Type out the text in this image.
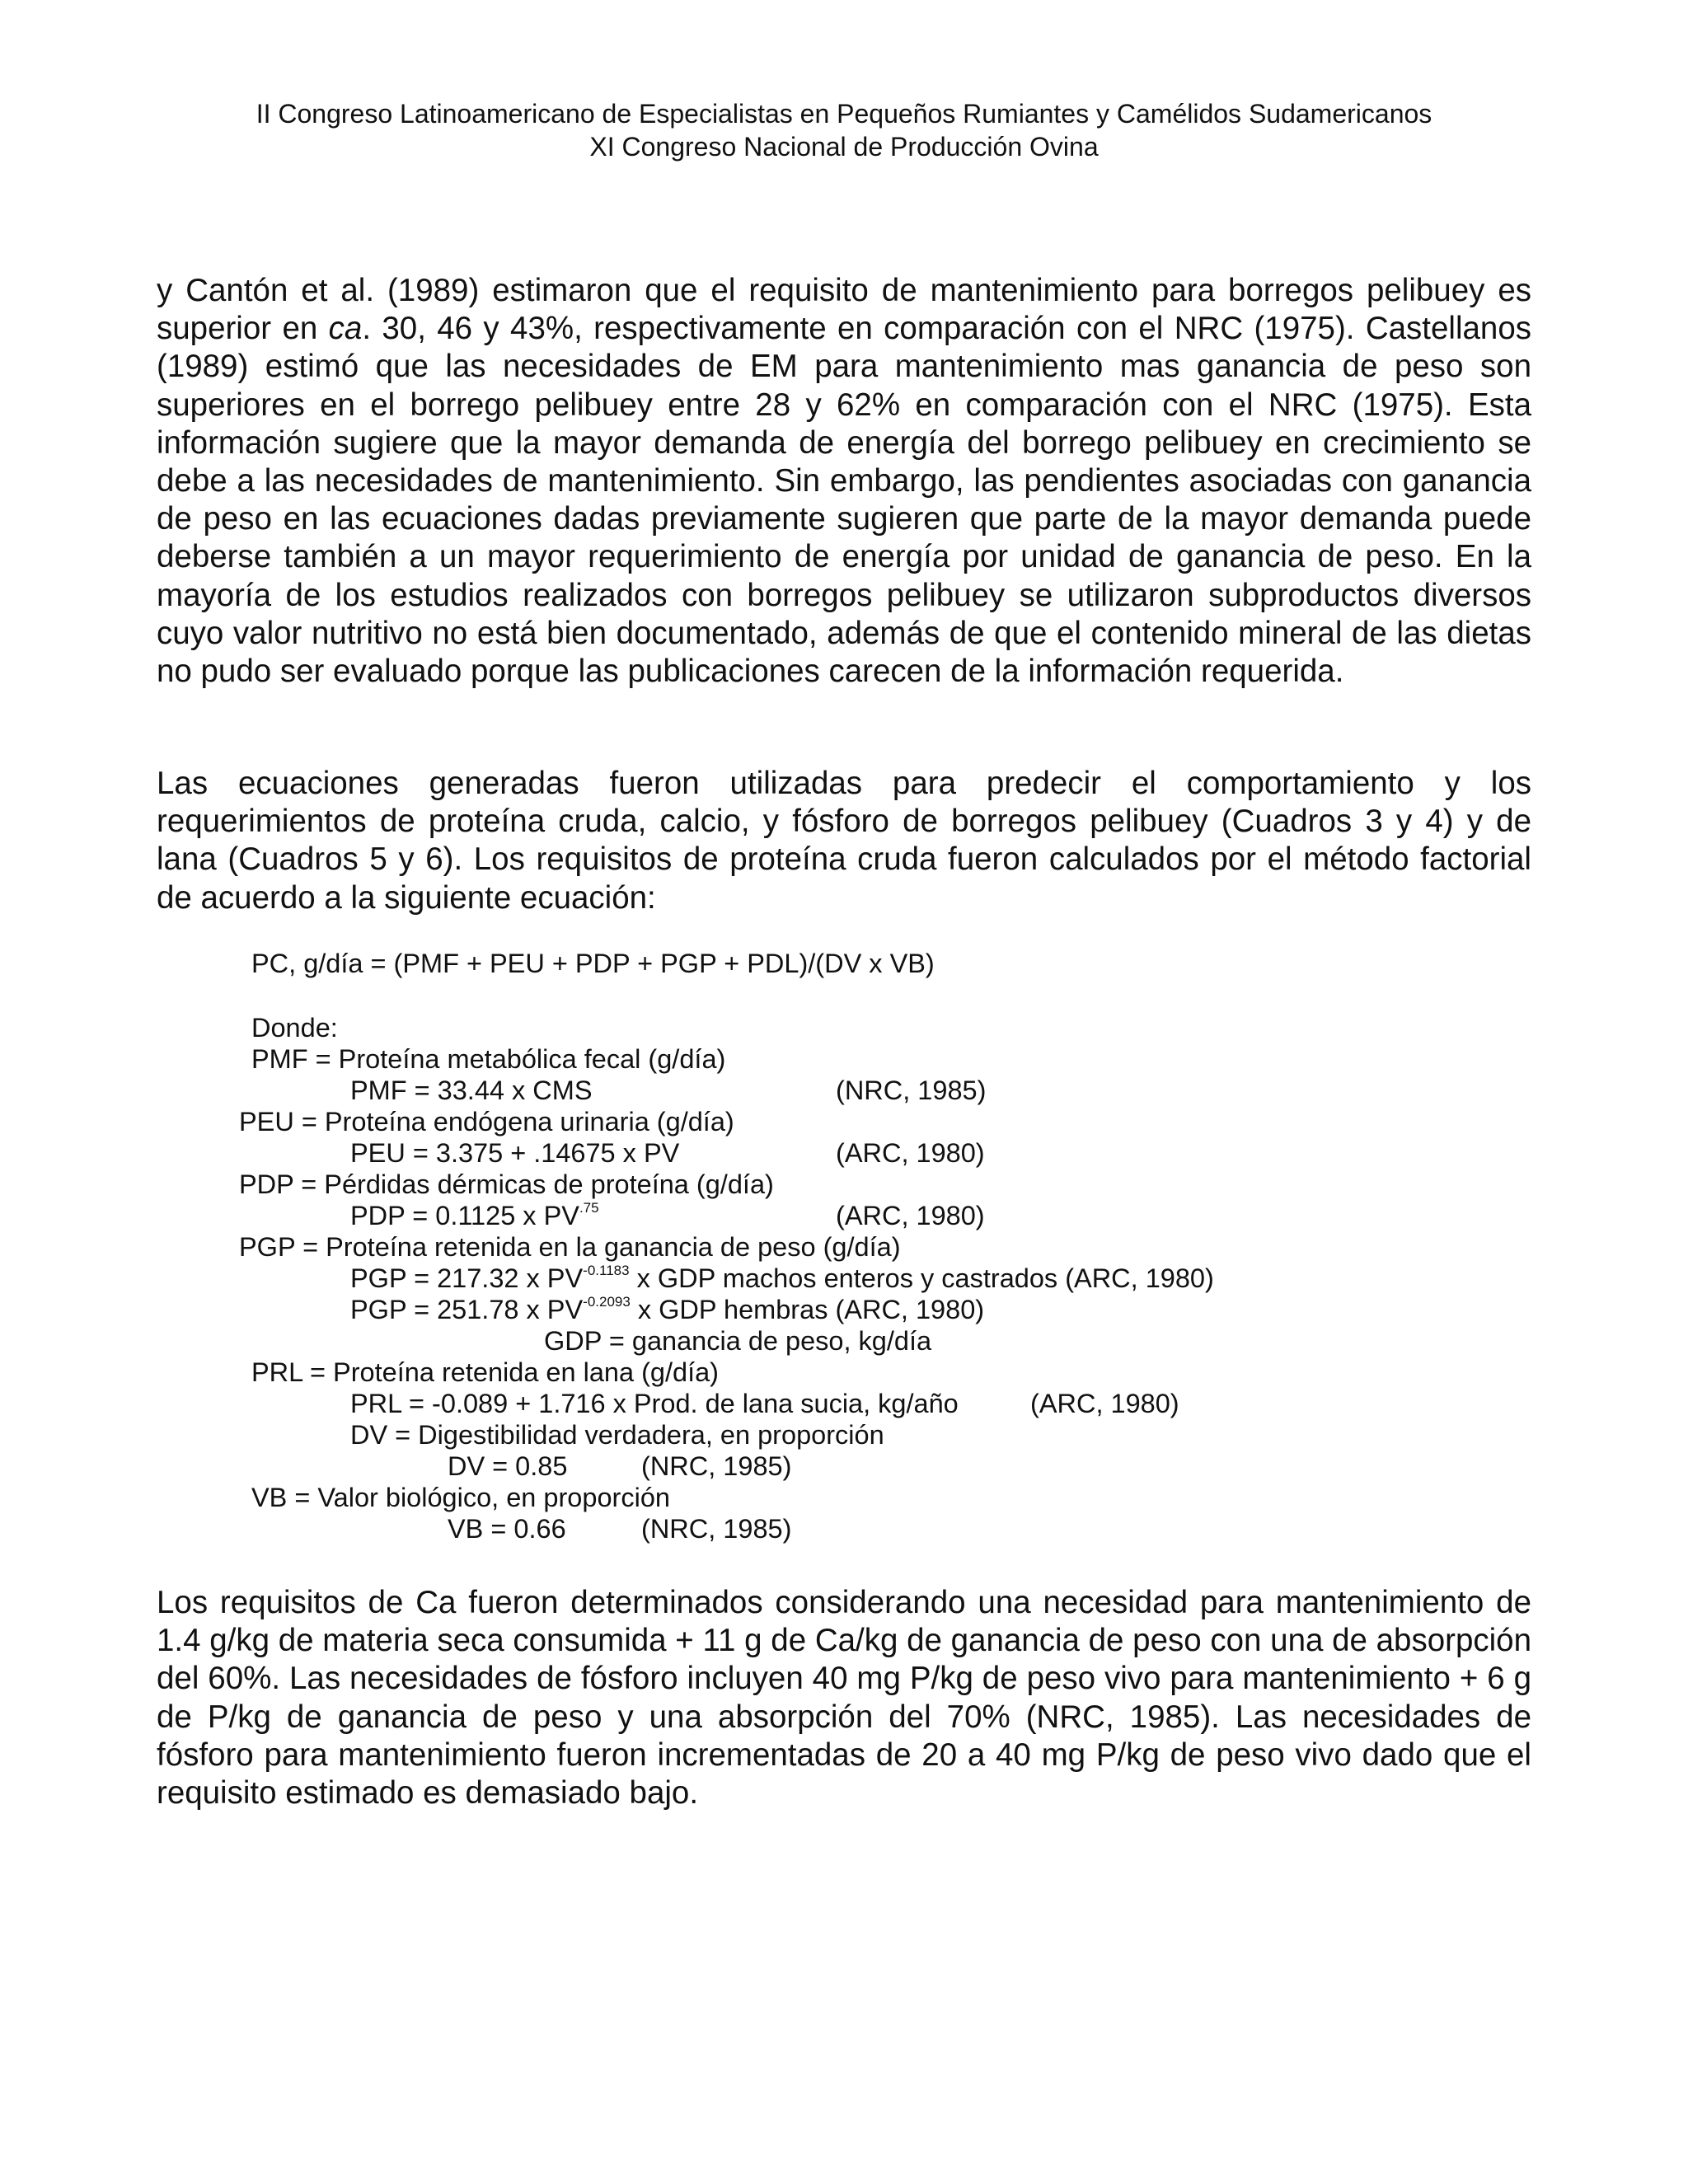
II Congreso Latinoamericano de Especialistas en Pequeños Rumiantes y Camélidos Sudamericanos
XI Congreso Nacional de Producción Ovina

y Cantón et al. (1989) estimaron que el requisito de mantenimiento para borregos pelibuey es superior en ca. 30, 46 y 43%, respectivamente en comparación con el NRC (1975). Castellanos (1989) estimó que las necesidades de EM para mantenimiento mas ganancia de peso son superiores en el borrego pelibuey entre 28 y 62% en comparación con el NRC (1975). Esta información sugiere que la mayor demanda de energía del borrego pelibuey en crecimiento se debe a las necesidades de mantenimiento. Sin embargo, las pendientes asociadas con ganancia de peso en las ecuaciones dadas previamente sugieren que parte de la mayor demanda puede deberse también a un mayor requerimiento de energía por unidad de ganancia de peso. En la mayoría de los estudios realizados con borregos pelibuey se utilizaron subproductos diversos cuyo valor nutritivo no está bien documentado, además de que el contenido mineral de las dietas no pudo ser evaluado porque las publicaciones carecen de la información requerida.

Las ecuaciones generadas fueron utilizadas para predecir el comportamiento y los requerimientos de proteína cruda, calcio, y fósforo de borregos pelibuey (Cuadros 3 y 4) y de lana (Cuadros 5 y 6). Los requisitos de proteína cruda fueron calculados por el método factorial de acuerdo a la siguiente ecuación:

PC, g/día = (PMF + PEU + PDP + PGP + PDL)/(DV x VB)
Donde:
PMF = Proteína metabólica fecal (g/día)
PMF = 33.44 x CMS	(NRC, 1985)
PEU = Proteína endógena urinaria (g/día)
PEU = 3.375 + .14675 x PV	(ARC, 1980)
PDP = Pérdidas dérmicas de proteína (g/día)
PDP = 0.1125 x $PV^{.75}$	(ARC, 1980)
PGP = Proteína retenida en la ganancia de peso (g/día)
PGP = 217.32 x $PV^{-0.1183}$ x GDP machos enteros y castrados (ARC, 1980)
PGP = 251.78 x $PV^{-0.2093}$ x GDP hembras (ARC, 1980)
GDP = ganancia de peso, kg/día
PRL = Proteína retenida en lana (g/día)
PRL = -0.089 + 1.716 x Prod. de lana sucia, kg/año	(ARC, 1980)
DV = Digestibilidad verdadera, en proporción
DV = 0.85	(NRC, 1985)
VB = Valor biológico, en proporción
VB = 0.66	(NRC, 1985)

Los requisitos de Ca fueron determinados considerando una necesidad para mantenimiento de 1.4 g/kg de materia seca consumida + 11 g de Ca/kg de ganancia de peso con una de absorpción del 60%. Las necesidades de fósforo incluyen 40 mg P/kg de peso vivo para mantenimiento + 6 g de P/kg de ganancia de peso y una absorpción del 70% (NRC, 1985). Las necesidades de fósforo para mantenimiento fueron incrementadas de 20 a 40 mg P/kg de peso vivo dado que el requisito estimado es demasiado bajo.
